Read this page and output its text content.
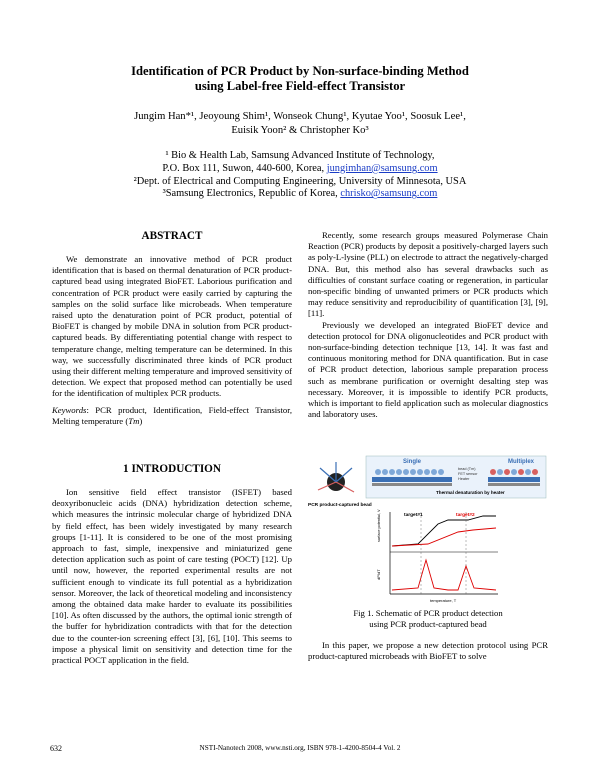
Identification of PCR Product by Non-surface-binding Method
using Label-free Field-effect Transistor
Jungim Han*¹, Jeoyoung Shim¹, Wonseok Chung¹, Kyutae Yoo¹, Soosuk Lee¹,
Euisik Yoon² & Christopher Ko³
¹ Bio & Health Lab, Samsung Advanced Institute of Technology,
P.O. Box 111, Suwon, 440-600, Korea, jungimhan@samsung.com
²Dept. of Electrical and Computing Engineering, University of Minnesota, USA
³Samsung Electronics, Republic of Korea, chrisko@samsung.com
ABSTRACT

We demonstrate an innovative method of PCR product identification that is based on thermal denaturation of PCR product-captured bead using integrated BioFET. Laborious purification and concentration of PCR product were easily carried by capturing the samples on the solid surface like microbeads. When temperature raised upto the denaturation point of PCR product, potential of BioFET is changed by mobile DNA in solution from PCR product-captured beads. By differentiating potential change with respect to temperature change, melting temperature can be determined. In this way, we successfully discriminated three kinds of PCR product using their different melting temperature and improved sensitivity of detection. We expect that proposed method can potentially be used for the identification of multiplex PCR products.

Keywords: PCR product, Identification, Field-effect Transistor, Melting temperature (Tm)
1 INTRODUCTION

Ion sensitive field effect transistor (ISFET) based deoxyribonucleic acids (DNA) hybridization detection scheme, which measures the intrinsic molecular charge of hybridized DNA by field effect, has been widely investigated by many research groups [1-11]. It is considered to be one of the most promising approach to fast, simple, inexpensive and miniaturized gene detection application such as point of care testing (POCT) [12]. Up until now, however, the reported experimental results are not sufficient enough to vindicate its full potential as a hybridization sensor. Moreover, the lack of theoretical modeling and inconsistency among the obtained data make harder to evaluate its possibilities [10]. As often discussed by the authors, the optimal ionic strength of the buffer for hybridization contradicts with that for the detection due to the counter-ion screening effect [3], [6], [10]. This seems to impose a physical limit on sensitivity and detection time for the practical POCT application in the field.

Recently, some research groups measured Polymerase Chain Reaction (PCR) products by deposit a positively-charged layers such as poly-L-lysine (PLL) on electrode to attract the negatively-charged DNA. But, this method also has several drawbacks such as difficulties of constant surface coating or regeneration, in particular non-specific binding of unwanted primers or PCR products which may reduce sensitivity and reproducibility of quantification [3], [9], [11].

Previously we developed an integrated BioFET device and detection protocol for DNA oligonucleotides and PCR product with non-surface-binding detection technique [13, 14]. It was fast and continuous monitoring method for DNA quantification. But in case of PCR product detection, laborious sample preparation process such as membrane purification or overnight desalting step was necessary. Moreover, it is impossible to identify PCR products, which is important to field application such as molecular diagnostics and laboratory uses.

Single	Multiplex
bead (Tm)
FET sensor
Heater
Thermal denaturation by heater
PCR product-captured bead
target#1	target#2
surface potential, V
dP/dT
temperature, T
Fig 1. Schematic of PCR product detection
using PCR product-captured bead

In this paper, we propose a new detection protocol using PCR product-captured microbeads with BioFET to solve

632	NSTI-Nanotech 2008, www.nsti.org, ISBN 978-1-4200-8504-4 Vol. 2
